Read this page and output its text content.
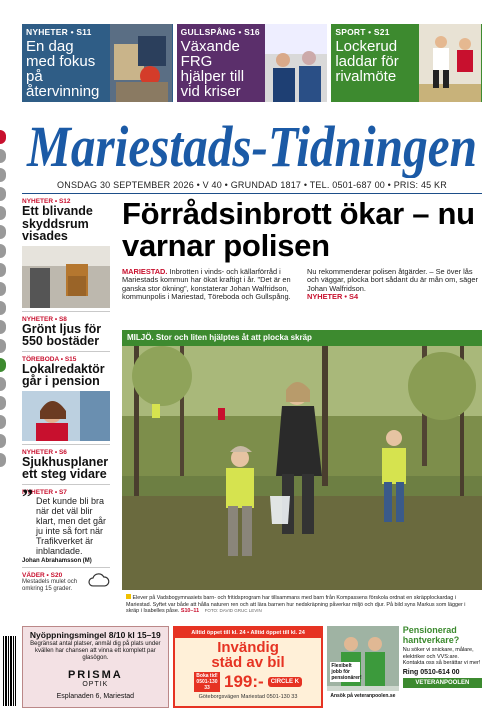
NYHETER • S11
En dag med fokus på återvinning
GULLSPÅNG • S16
Växande FRG hjälper till vid kriser
SPORT • S21
Lockerud laddar för rivalmöte
Mariestads-Tidningen
ONSDAG 30 SEPTEMBER 2026 • V 40 • GRUNDAD 1817 • TEL. 0501-687 00 • PRIS: 45 KR
NYHETER • S12
Ett blivande skyddsrum visades
NYHETER • S8
Grönt ljus för 550 bostäder
TÖREBODA • S15
Lokalredaktör går i pension
NYHETER • S6
Sjukhusplaner ett steg vidare
NYHETER • S7
” Det kunde bli bra när det väl blir klart, men det går ju inte så fort när Trafikverket är inblandade.
Johan Abrahamsson (M)
VÄDER • S20
Mestadels mulet och omkring 15 grader.
Förrådsinbrott ökar – nu varnar polisen
MARIESTAD. Inbrotten i vinds- och källarförråd i Mariestads kommun har ökat kraftigt i år. "Det är en ganska stor ökning", konstaterar Johan Walfridson, kommunpolis i Mariestad, Töreboda och Gullspång.
Nu rekommenderar polisen åtgärder. – Se över lås och väggar, plocka bort sådant du är mån om, säger Johan Walfridson.
NYHETER • S4
MILJÖ. Stor och liten hjälptes åt att plocka skräp
Elever på Vadsbogymnasiets barn- och fritidsprogram har tillsammans med barn från Kompassens förskola ordnat en skräpplockardag i Mariestad. Syftet var både att hålla naturen ren och att lära barnen hur nedskräpning påverkar miljö och djur. På bild syns Markus som lägger i skräp i Isabelles påse. S10–11 FOTO: DAVID GRUC LEVIN
Nyöppningsmingel 8/10 kl 15–19
Begränsat antal platser, anmäl dig på plats under kvällen har chansen att vinna ett komplett par glasögon.
PRISMA
OPTIK
Esplanaden 6, Mariestad
Alltid öppet till kl. 24 • Alltid öppet till kl. 24
Invändig
städ av bil
Boka tid! 0501-130 33 199:-	CIRCLE K
Göteborgsvägen Mariestad 0501-130 33
Flexibelt jobb för pensionärer!
Ansök på veteranpoolen.se
Pensionerad hantverkare?
Nu söker vi snickare, målare, elektriker och VVS:are. Kontakta oss så berättar vi mer!
Ring 0510-614 00
VETERANPOOLEN
